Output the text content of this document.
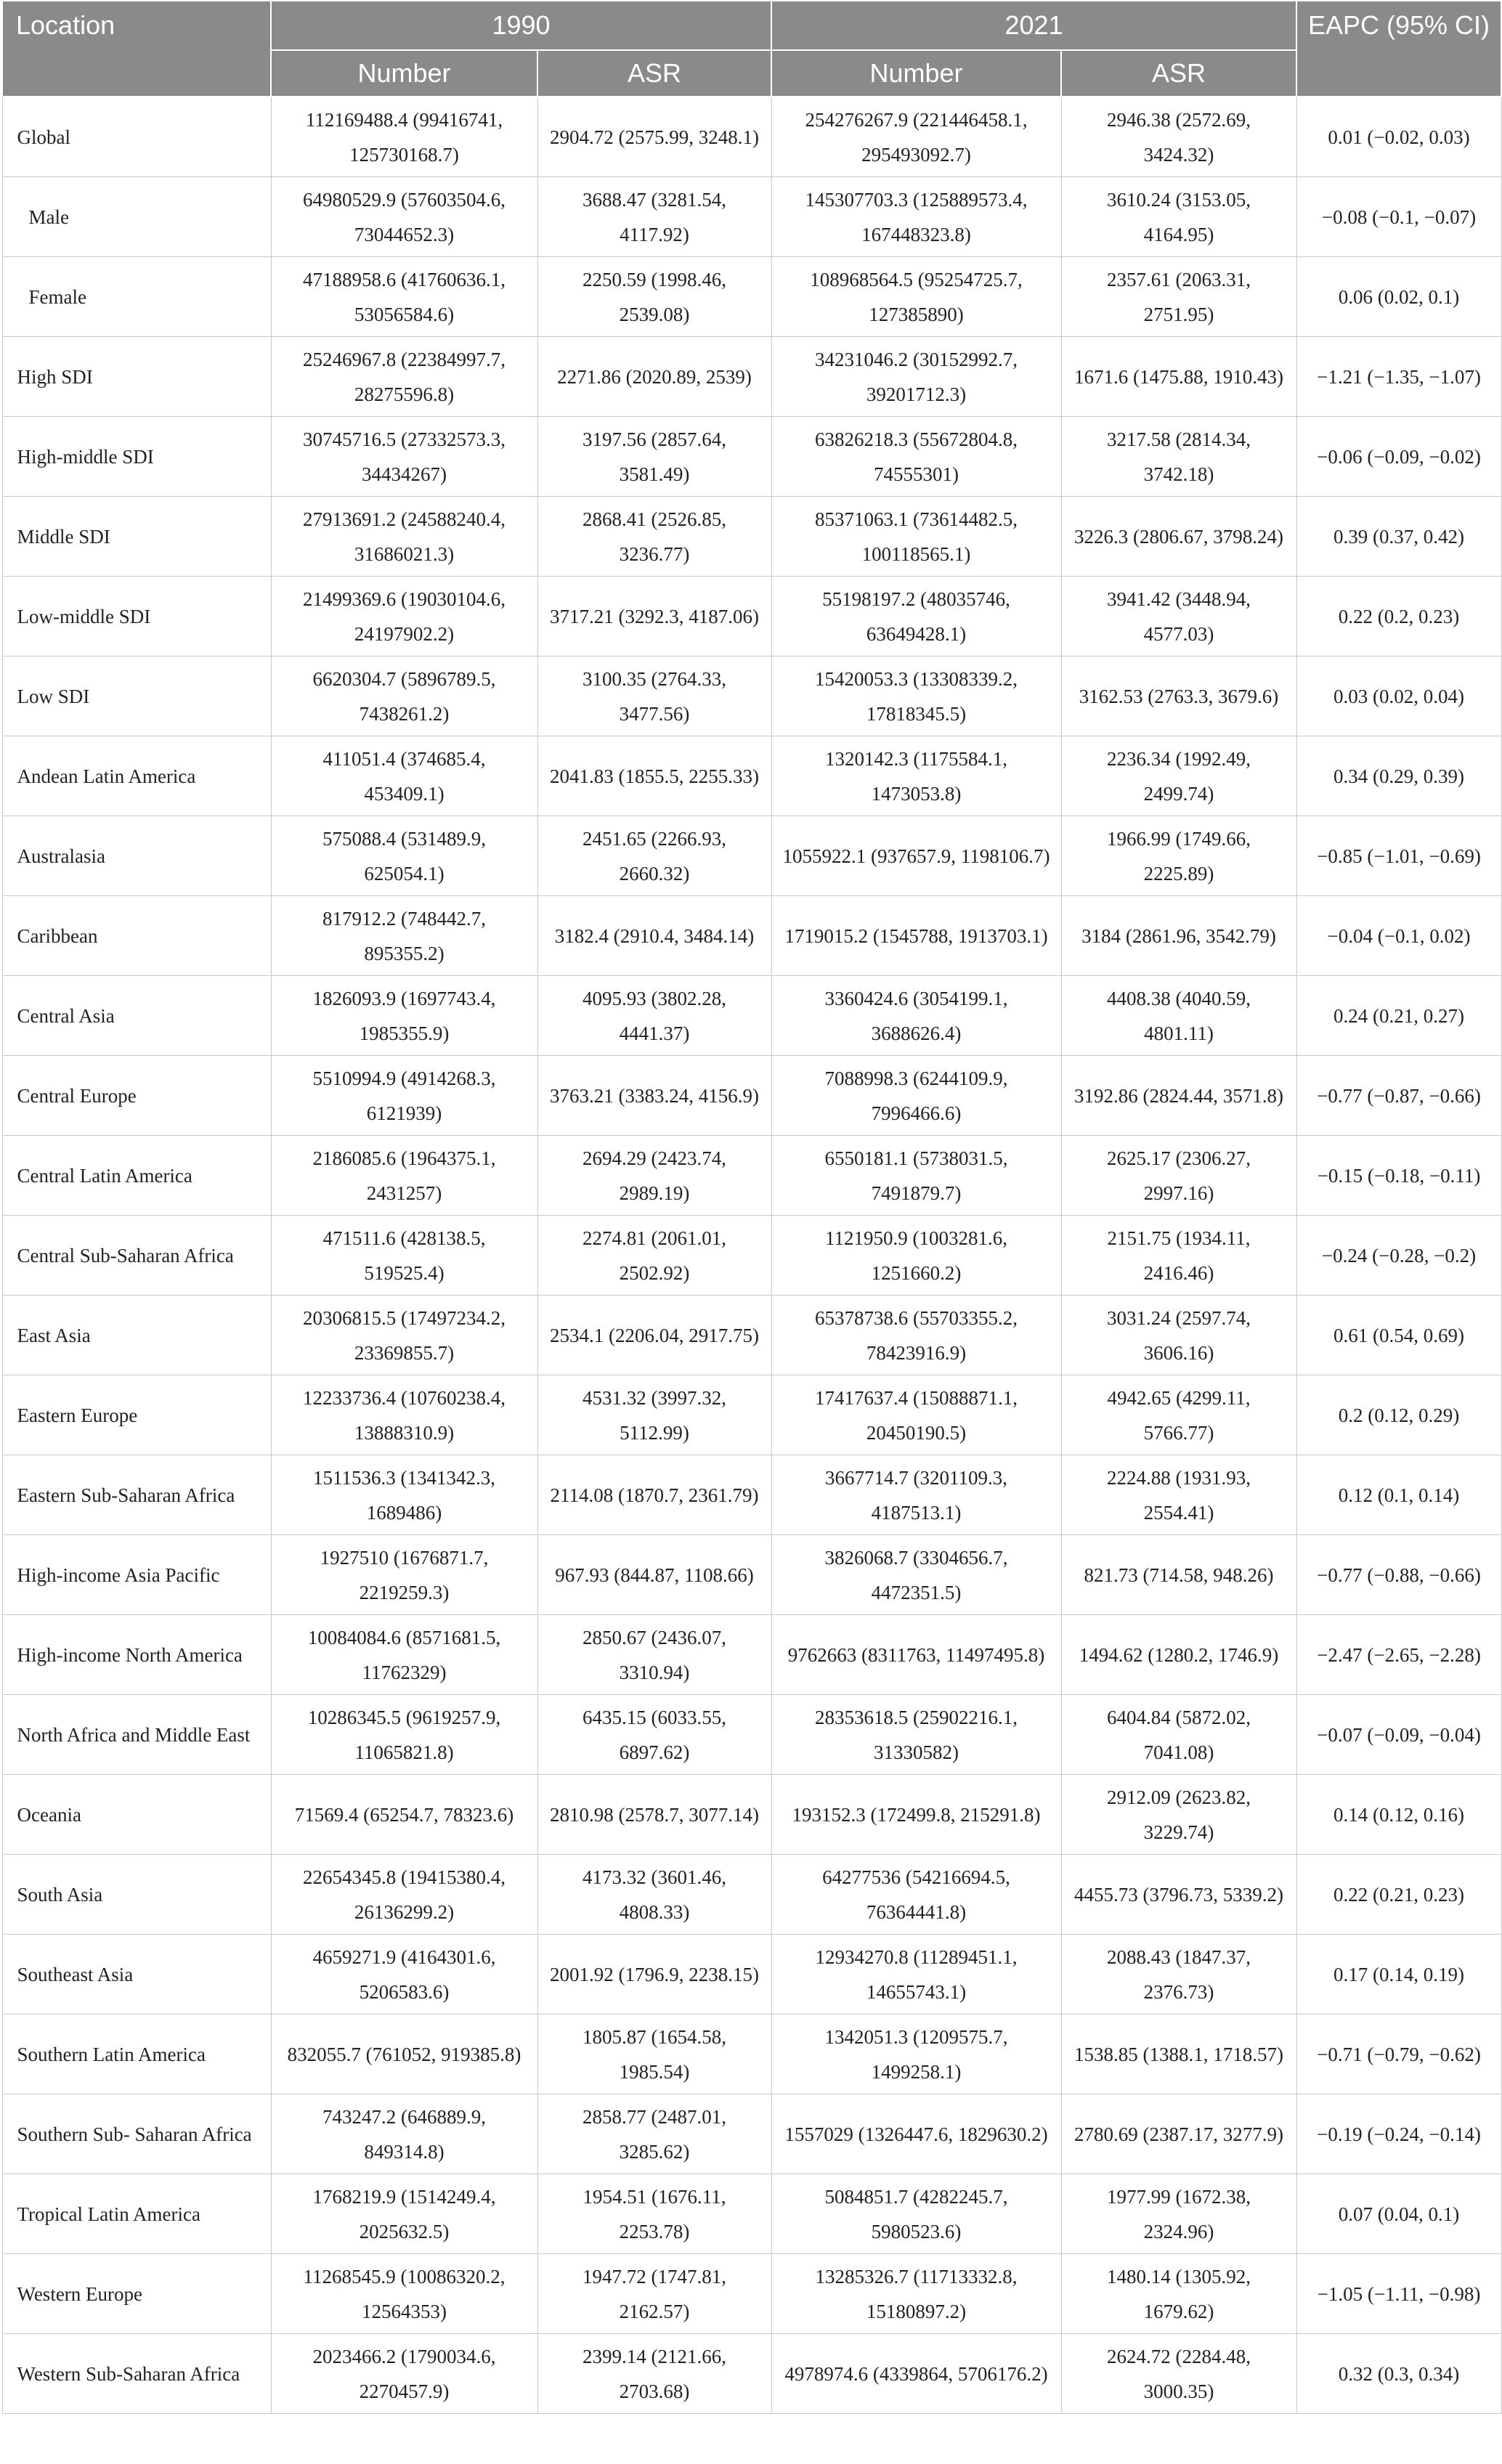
Location	1990		2021		EAPC (95% CI)
	Number	ASR	Number	ASR	
Global	112169488.4 (99416741, 125730168.7)	2904.72 (2575.99, 3248.1)	254276267.9 (221446458.1, 295493092.7)	2946.38 (2572.69, 3424.32)	0.01 (−0.02, 0.03)
Male	64980529.9 (57603504.6, 73044652.3)	3688.47 (3281.54, 4117.92)	145307703.3 (125889573.4, 167448323.8)	3610.24 (3153.05, 4164.95)	−0.08 (−0.1, −0.07)
Female	47188958.6 (41760636.1, 53056584.6)	2250.59 (1998.46, 2539.08)	108968564.5 (95254725.7, 127385890)	2357.61 (2063.31, 2751.95)	0.06 (0.02, 0.1)
High SDI	25246967.8 (22384997.7, 28275596.8)	2271.86 (2020.89, 2539)	34231046.2 (30152992.7, 39201712.3)	1671.6 (1475.88, 1910.43)	−1.21 (−1.35, −1.07)
High-middle SDI	30745716.5 (27332573.3, 34434267)	3197.56 (2857.64, 3581.49)	63826218.3 (55672804.8, 74555301)	3217.58 (2814.34, 3742.18)	−0.06 (−0.09, −0.02)
Middle SDI	27913691.2 (24588240.4, 31686021.3)	2868.41 (2526.85, 3236.77)	85371063.1 (73614482.5, 100118565.1)	3226.3 (2806.67, 3798.24)	0.39 (0.37, 0.42)
Low-middle SDI	21499369.6 (19030104.6, 24197902.2)	3717.21 (3292.3, 4187.06)	55198197.2 (48035746, 63649428.1)	3941.42 (3448.94, 4577.03)	0.22 (0.2, 0.23)
Low SDI	6620304.7 (5896789.5, 7438261.2)	3100.35 (2764.33, 3477.56)	15420053.3 (13308339.2, 17818345.5)	3162.53 (2763.3, 3679.6)	0.03 (0.02, 0.04)
Andean Latin America	411051.4 (374685.4, 453409.1)	2041.83 (1855.5, 2255.33)	1320142.3 (1175584.1, 1473053.8)	2236.34 (1992.49, 2499.74)	0.34 (0.29, 0.39)
Australasia	575088.4 (531489.9, 625054.1)	2451.65 (2266.93, 2660.32)	1055922.1 (937657.9, 1198106.7)	1966.99 (1749.66, 2225.89)	−0.85 (−1.01, −0.69)
Caribbean	817912.2 (748442.7, 895355.2)	3182.4 (2910.4, 3484.14)	1719015.2 (1545788, 1913703.1)	3184 (2861.96, 3542.79)	−0.04 (−0.1, 0.02)
Central Asia	1826093.9 (1697743.4, 1985355.9)	4095.93 (3802.28, 4441.37)	3360424.6 (3054199.1, 3688626.4)	4408.38 (4040.59, 4801.11)	0.24 (0.21, 0.27)
Central Europe	5510994.9 (4914268.3, 6121939)	3763.21 (3383.24, 4156.9)	7088998.3 (6244109.9, 7996466.6)	3192.86 (2824.44, 3571.8)	−0.77 (−0.87, −0.66)
Central Latin America	2186085.6 (1964375.1, 2431257)	2694.29 (2423.74, 2989.19)	6550181.1 (5738031.5, 7491879.7)	2625.17 (2306.27, 2997.16)	−0.15 (−0.18, −0.11)
Central Sub-Saharan Africa	471511.6 (428138.5, 519525.4)	2274.81 (2061.01, 2502.92)	1121950.9 (1003281.6, 1251660.2)	2151.75 (1934.11, 2416.46)	−0.24 (−0.28, −0.2)
East Asia	20306815.5 (17497234.2, 23369855.7)	2534.1 (2206.04, 2917.75)	65378738.6 (55703355.2, 78423916.9)	3031.24 (2597.74, 3606.16)	0.61 (0.54, 0.69)
Eastern Europe	12233736.4 (10760238.4, 13888310.9)	4531.32 (3997.32, 5112.99)	17417637.4 (15088871.1, 20450190.5)	4942.65 (4299.11, 5766.77)	0.2 (0.12, 0.29)
Eastern Sub-Saharan Africa	1511536.3 (1341342.3, 1689486)	2114.08 (1870.7, 2361.79)	3667714.7 (3201109.3, 4187513.1)	2224.88 (1931.93, 2554.41)	0.12 (0.1, 0.14)
High-income Asia Pacific	1927510 (1676871.7, 2219259.3)	967.93 (844.87, 1108.66)	3826068.7 (3304656.7, 4472351.5)	821.73 (714.58, 948.26)	−0.77 (−0.88, −0.66)
High-income North America	10084084.6 (8571681.5, 11762329)	2850.67 (2436.07, 3310.94)	9762663 (8311763, 11497495.8)	1494.62 (1280.2, 1746.9)	−2.47 (−2.65, −2.28)
North Africa and Middle East	10286345.5 (9619257.9, 11065821.8)	6435.15 (6033.55, 6897.62)	28353618.5 (25902216.1, 31330582)	6404.84 (5872.02, 7041.08)	−0.07 (−0.09, −0.04)
Oceania	71569.4 (65254.7, 78323.6)	2810.98 (2578.7, 3077.14)	193152.3 (172499.8, 215291.8)	2912.09 (2623.82, 3229.74)	0.14 (0.12, 0.16)
South Asia	22654345.8 (19415380.4, 26136299.2)	4173.32 (3601.46, 4808.33)	64277536 (54216694.5, 76364441.8)	4455.73 (3796.73, 5339.2)	0.22 (0.21, 0.23)
Southeast Asia	4659271.9 (4164301.6, 5206583.6)	2001.92 (1796.9, 2238.15)	12934270.8 (11289451.1, 14655743.1)	2088.43 (1847.37, 2376.73)	0.17 (0.14, 0.19)
Southern Latin America	832055.7 (761052, 919385.8)	1805.87 (1654.58, 1985.54)	1342051.3 (1209575.7, 1499258.1)	1538.85 (1388.1, 1718.57)	−0.71 (−0.79, −0.62)
Southern Sub- Saharan Africa	743247.2 (646889.9, 849314.8)	2858.77 (2487.01, 3285.62)	1557029 (1326447.6, 1829630.2)	2780.69 (2387.17, 3277.9)	−0.19 (−0.24, −0.14)
Tropical Latin America	1768219.9 (1514249.4, 2025632.5)	1954.51 (1676.11, 2253.78)	5084851.7 (4282245.7, 5980523.6)	1977.99 (1672.38, 2324.96)	0.07 (0.04, 0.1)
Western Europe	11268545.9 (10086320.2, 12564353)	1947.72 (1747.81, 2162.57)	13285326.7 (11713332.8, 15180897.2)	1480.14 (1305.92, 1679.62)	−1.05 (−1.11, −0.98)
Western Sub-Saharan Africa	2023466.2 (1790034.6, 2270457.9)	2399.14 (2121.66, 2703.68)	4978974.6 (4339864, 5706176.2)	2624.72 (2284.48, 3000.35)	0.32 (0.3, 0.34)
